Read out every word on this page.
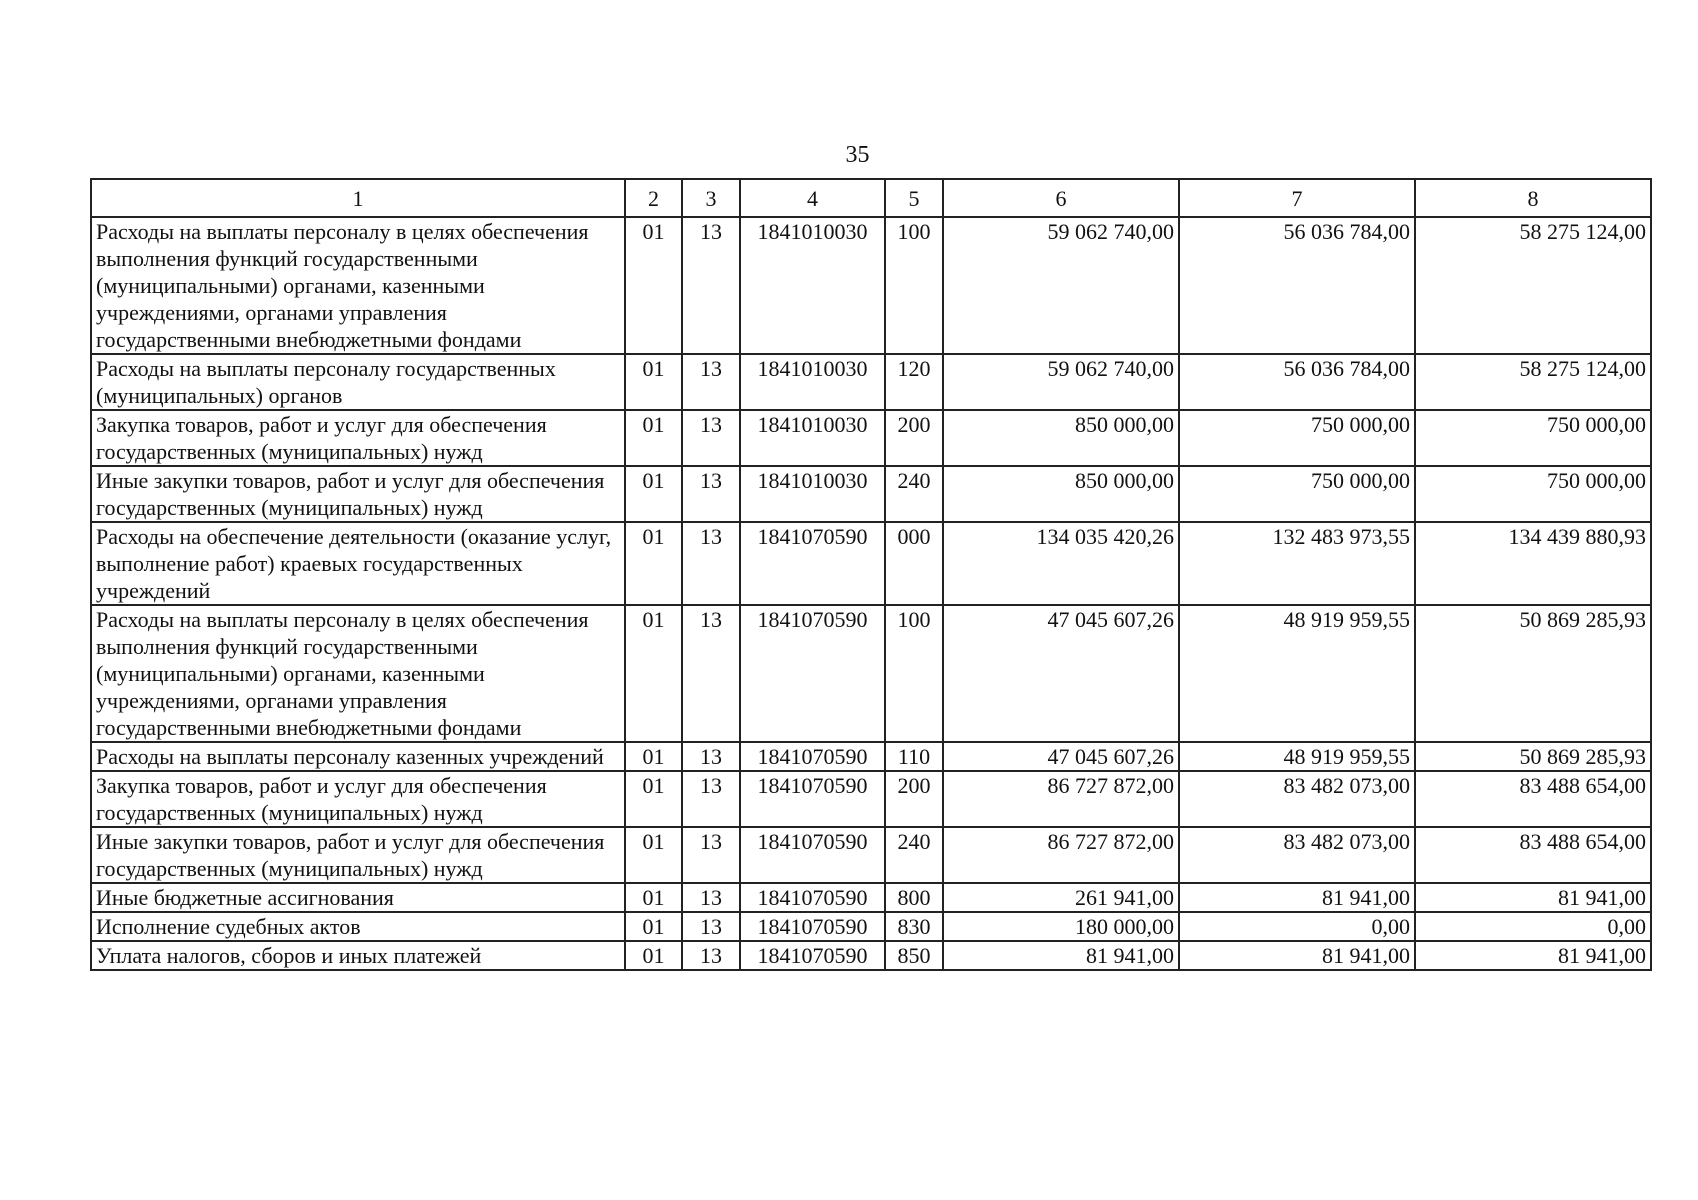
35
1	2	3	4	5	6	7	8
Расходы на выплаты персоналу в целях обеспечения выполнения функций государственными (муниципальными) органами, казенными учреждениями, органами управления государственными внебюджетными фондами	01	13	1841010030	100	59 062 740,00	56 036 784,00	58 275 124,00
Расходы на выплаты персоналу государственных (муниципальных) органов	01	13	1841010030	120	59 062 740,00	56 036 784,00	58 275 124,00
Закупка товаров, работ и услуг для обеспечения государственных (муниципальных) нужд	01	13	1841010030	200	850 000,00	750 000,00	750 000,00
Иные закупки товаров, работ и услуг для обеспечения государственных (муниципальных) нужд	01	13	1841010030	240	850 000,00	750 000,00	750 000,00
Расходы на обеспечение деятельности (оказание услуг, выполнение работ) краевых государственных учреждений	01	13	1841070590	000	134 035 420,26	132 483 973,55	134 439 880,93
Расходы на выплаты персоналу в целях обеспечения выполнения функций государственными (муниципальными) органами, казенными учреждениями, органами управления государственными внебюджетными фондами	01	13	1841070590	100	47 045 607,26	48 919 959,55	50 869 285,93
Расходы на выплаты персоналу казенных учреждений	01	13	1841070590	110	47 045 607,26	48 919 959,55	50 869 285,93
Закупка товаров, работ и услуг для обеспечения государственных (муниципальных) нужд	01	13	1841070590	200	86 727 872,00	83 482 073,00	83 488 654,00
Иные закупки товаров, работ и услуг для обеспечения государственных (муниципальных) нужд	01	13	1841070590	240	86 727 872,00	83 482 073,00	83 488 654,00
Иные бюджетные ассигнования	01	13	1841070590	800	261 941,00	81 941,00	81 941,00
Исполнение судебных актов	01	13	1841070590	830	180 000,00	0,00	0,00
Уплата налогов, сборов и иных платежей	01	13	1841070590	850	81 941,00	81 941,00	81 941,00
